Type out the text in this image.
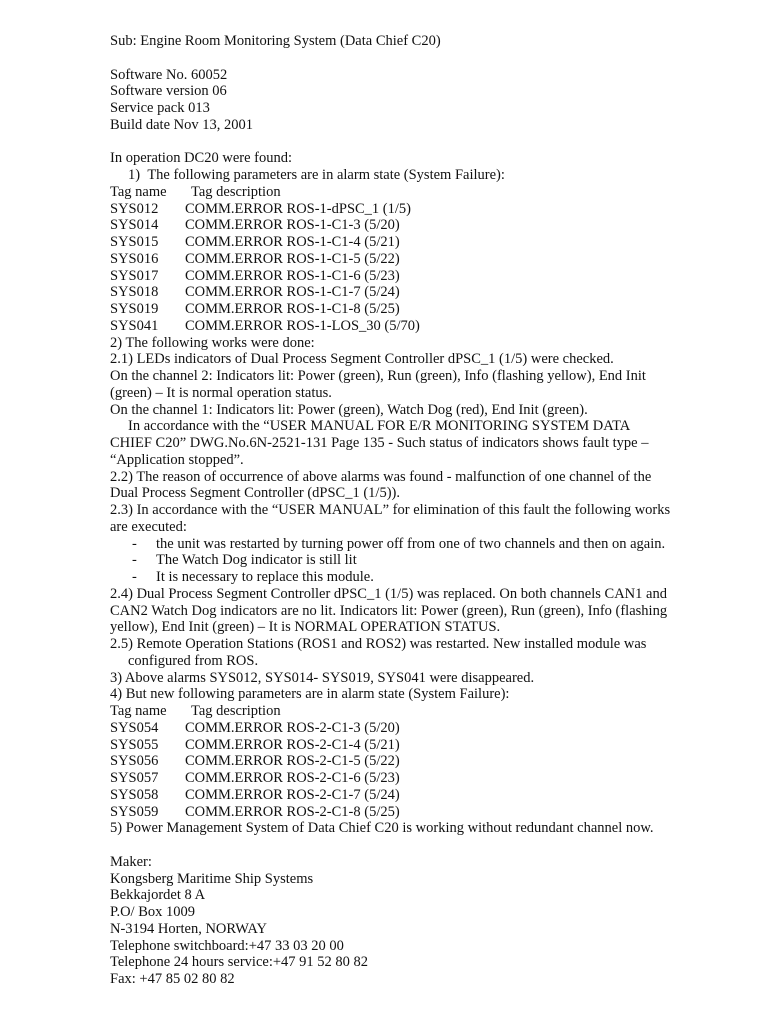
Sub: Engine Room Monitoring System (Data Chief C20)
Software No. 60052
Software version 06
Service pack 013
Build date Nov 13, 2001
In operation DC20 were found:
1)  The following parameters are in alarm state (System Failure):
Tag name Tag description
SYS012 COMM.ERROR ROS-1-dPSC_1 (1/5)
SYS014 COMM.ERROR ROS-1-C1-3 (5/20)
SYS015 COMM.ERROR ROS-1-C1-4 (5/21)
SYS016 COMM.ERROR ROS-1-C1-5 (5/22)
SYS017 COMM.ERROR ROS-1-C1-6 (5/23)
SYS018 COMM.ERROR ROS-1-C1-7 (5/24)
SYS019 COMM.ERROR ROS-1-C1-8 (5/25)
SYS041 COMM.ERROR ROS-1-LOS_30 (5/70)
2) The following works were done:
2.1) LEDs indicators of Dual Process Segment Controller dPSC_1 (1/5) were checked.
On the channel 2: Indicators lit: Power (green), Run (green), Info (flashing yellow), End Init
(green) – It is normal operation status.
On the channel 1: Indicators lit: Power (green), Watch Dog (red), End Init (green).
In accordance with the “USER MANUAL FOR E/R MONITORING SYSTEM DATA
CHIEF C20” DWG.No.6N-2521-131 Page 135 - Such status of indicators shows fault type –
“Application stopped”.
2.2) The reason of occurrence of above alarms was found - malfunction of one channel of the
Dual Process Segment Controller (dPSC_1 (1/5)).
2.3) In accordance with the “USER MANUAL” for elimination of this fault the following works
are executed:
- the unit was restarted by turning power off from one of two channels and then on again.
- The Watch Dog indicator is still lit
- It is necessary to replace this module.
2.4) Dual Process Segment Controller dPSC_1 (1/5) was replaced. On both channels CAN1 and
CAN2 Watch Dog indicators are no lit. Indicators lit: Power (green), Run (green), Info (flashing
yellow), End Init (green) – It is NORMAL OPERATION STATUS.
2.5) Remote Operation Stations (ROS1 and ROS2) was restarted. New installed module was
configured from ROS.
3) Above alarms SYS012, SYS014- SYS019, SYS041 were disappeared.
4) But new following parameters are in alarm state (System Failure):
Tag name Tag description
SYS054 COMM.ERROR ROS-2-C1-3 (5/20)
SYS055 COMM.ERROR ROS-2-C1-4 (5/21)
SYS056 COMM.ERROR ROS-2-C1-5 (5/22)
SYS057 COMM.ERROR ROS-2-C1-6 (5/23)
SYS058 COMM.ERROR ROS-2-C1-7 (5/24)
SYS059 COMM.ERROR ROS-2-C1-8 (5/25)
5) Power Management System of Data Chief C20 is working without redundant channel now.
Maker:
Kongsberg Maritime Ship Systems
Bekkajordet 8 A
P.O/ Box 1009
N-3194 Horten, NORWAY
Telephone switchboard:+47 33 03 20 00
Telephone 24 hours service:+47 91 52 80 82
Fax: +47 85 02 80 82
